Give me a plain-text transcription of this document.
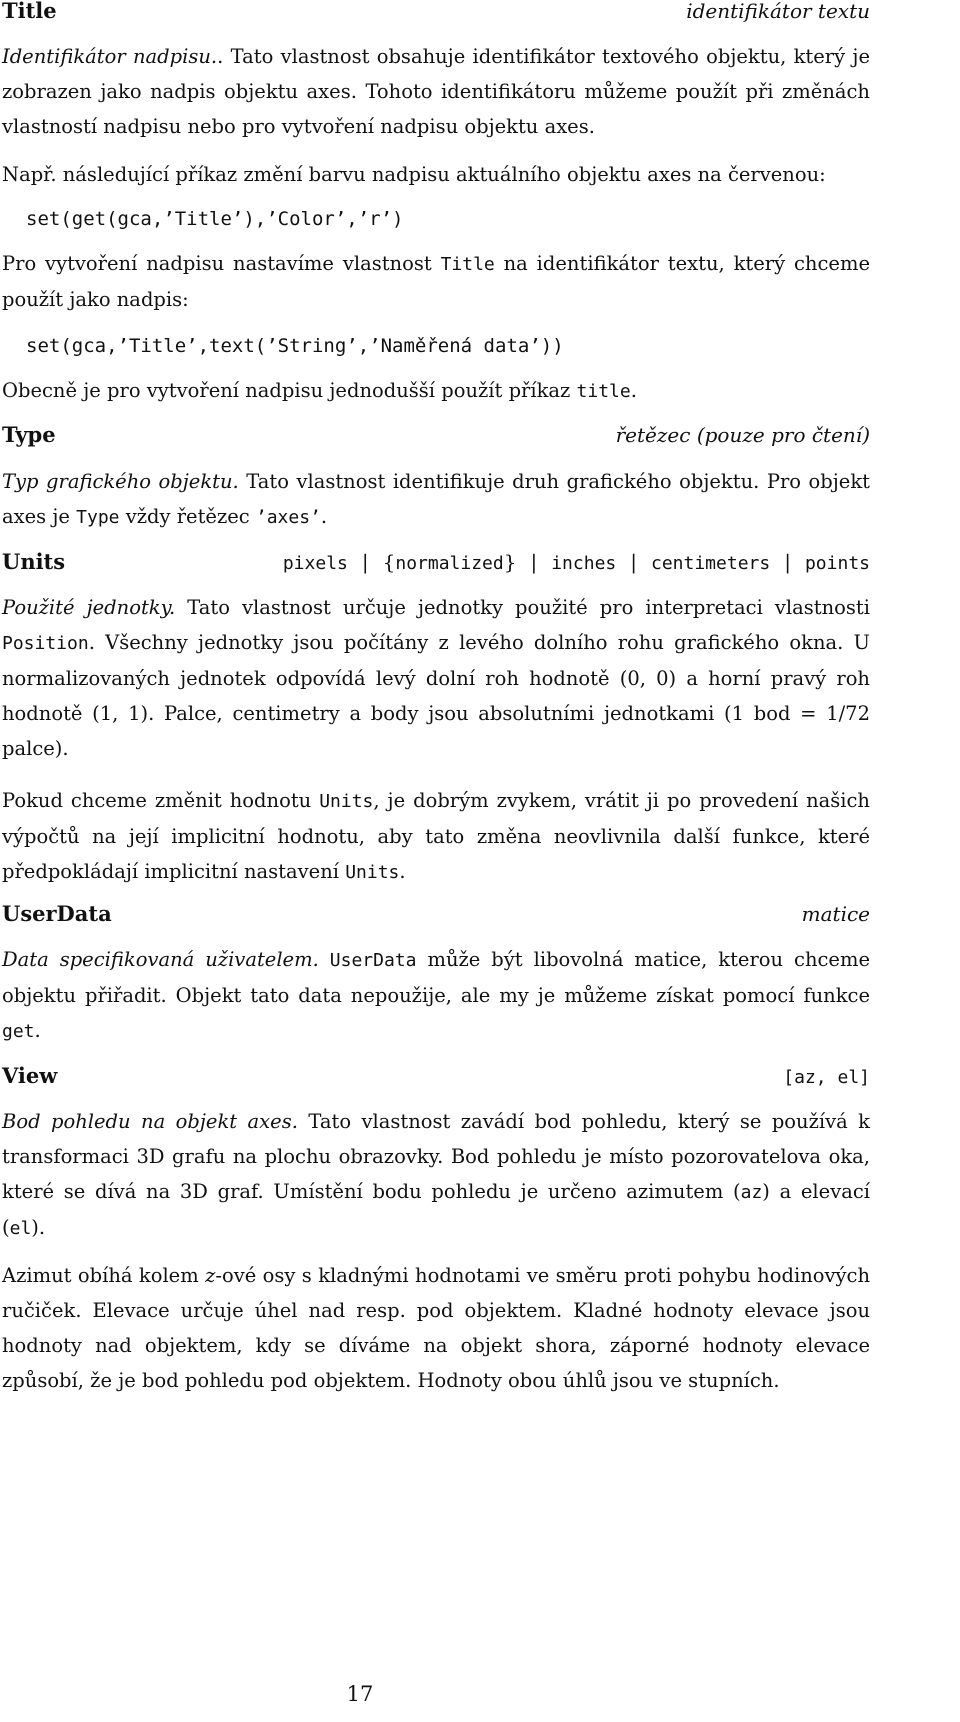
Title	identifikátor textu

Identifikátor nadpisu.. Tato vlastnost obsahuje identifikátor textového objektu, který je zobrazen jako nadpis objektu axes. Tohoto identifikátoru můžeme použít při změnách vlastností nadpisu nebo pro vytvoření nadpisu objektu axes.

Např. následující příkaz změní barvu nadpisu aktuálního objektu axes na červenou:

set(get(gca,’Title’),’Color’,’r’)

Pro vytvoření nadpisu nastavíme vlastnost Title na identifikátor textu, který chceme použít jako nadpis:

set(gca,’Title’,text(’String’,’Naměřená data’))

Obecně je pro vytvoření nadpisu jednodušší použít příkaz title.

Type	řetězec (pouze pro čtení)

Typ grafického objektu. Tato vlastnost identifikuje druh grafického objektu. Pro objekt axes je Type vždy řetězec ’axes’.

Units	pixels | {normalized} | inches | centimeters | points

Použité jednotky. Tato vlastnost určuje jednotky použité pro interpretaci vlastnosti Position. Všechny jednotky jsou počítány z levého dolního rohu grafického okna. U normalizovaných jednotek odpovídá levý dolní roh hodnotě (0, 0) a horní pravý roh hodnotě (1, 1). Palce, centimetry a body jsou absolutními jednotkami (1 bod = 1/72 palce).

Pokud chceme změnit hodnotu Units, je dobrým zvykem, vrátit ji po provedení našich výpočtů na její implicitní hodnotu, aby tato změna neovlivnila další funkce, které předpokládají implicitní nastavení Units.

UserData	matice

Data specifikovaná uživatelem. UserData může být libovolná matice, kterou chceme objektu přiřadit. Objekt tato data nepoužije, ale my je můžeme získat pomocí funkce get.

View	[az, el]

Bod pohledu na objekt axes. Tato vlastnost zavádí bod pohledu, který se používá k transformaci 3D grafu na plochu obrazovky. Bod pohledu je místo pozorovatelova oka, které se dívá na 3D graf. Umístění bodu pohledu je určeno azimutem (az) a elevací (el).

Azimut obíhá kolem z-ové osy s kladnými hodnotami ve směru proti pohybu hodinových ručiček. Elevace určuje úhel nad resp. pod objektem. Kladné hodnoty elevace jsou hodnoty nad objektem, kdy se díváme na objekt shora, záporné hodnoty elevace způsobí, že je bod pohledu pod objektem. Hodnoty obou úhlů jsou ve stupních.

17
